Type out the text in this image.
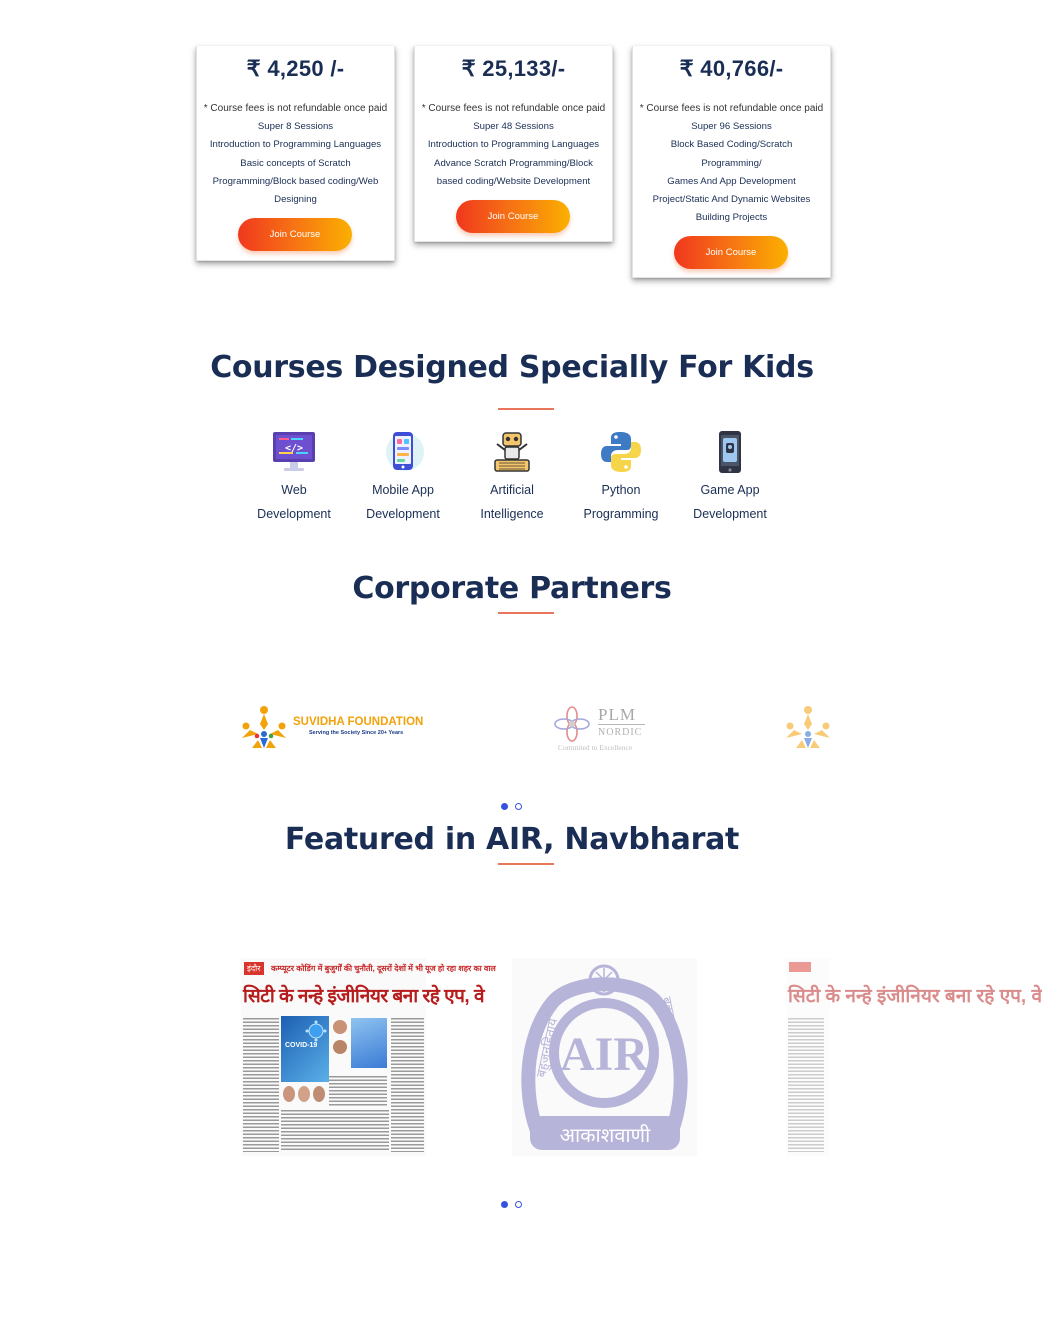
₹ 4,250 /-
* Course fees is not refundable once paid
Super 8 Sessions
Introduction to Programming Languages
Basic concepts of Scratch
Programming/Block based coding/Web
Designing
Join Course
₹ 25,133/-
* Course fees is not refundable once paid
Super 48 Sessions
Introduction to Programming Languages
Advance Scratch Programming/Block
based coding/Website Development
Join Course
₹ 40,766/-
* Course fees is not refundable once paid
Super 96 Sessions
Block Based Coding/Scratch
Programming/
Games And App Development
Project/Static And Dynamic Websites
Building Projects
Join Course
Courses Designed Specially For Kids
</>
Web
Development
Mobile App
Development
Artificial
Intelligence
Python
Programming
Game App
Development
Corporate Partners
SUVIDHA FOUNDATION
Serving the Society Since 20+ Years
PLM
NORDIC
Commited to Excellence
Featured in AIR, Navbharat
इंदौर	कम्प्यूटर कोडिंग में बुजुर्गों की चुनौती, दूसरों देशों में भी यूज हो रहा शहर का वाल
सिटी के नन्हे इंजीनियर बना रहे एप, वे
COVID-19	AIR
आकाशवाणी
बहुजनहिताय	बहुजनसुखाय	सिटी के नन्हे इंजीनियर बना रहे एप, वे
